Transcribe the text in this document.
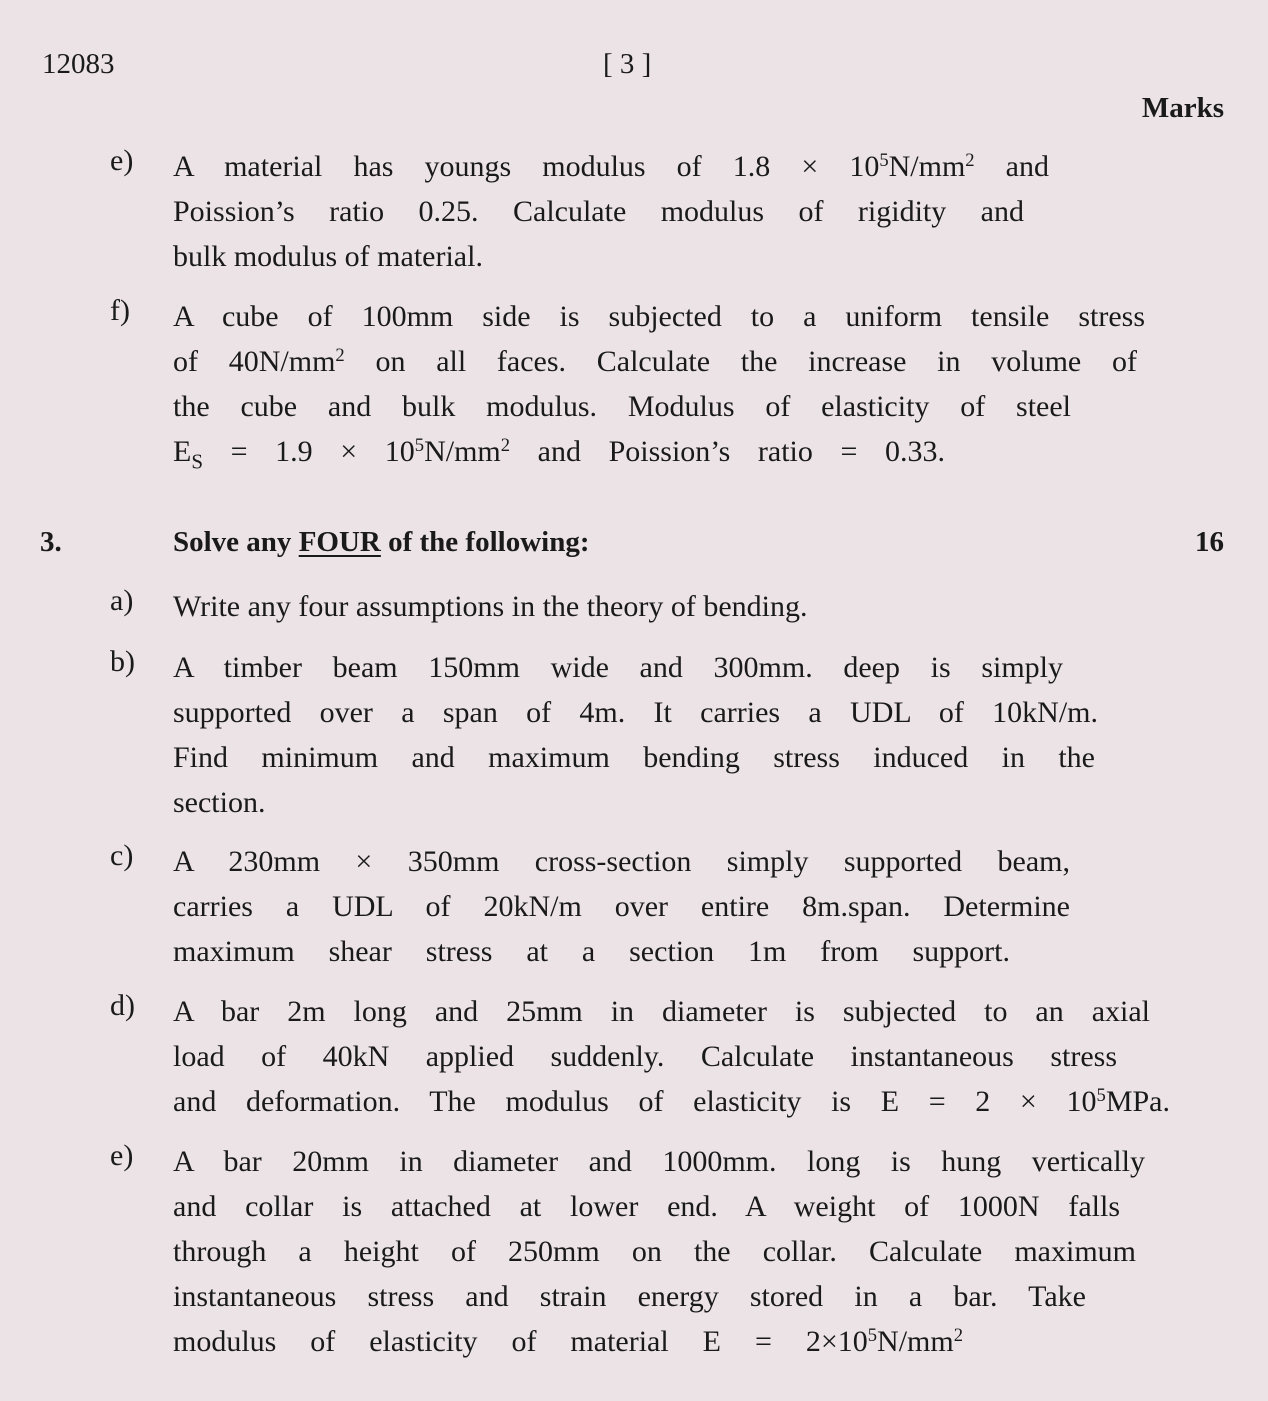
12083	[ 3 ]
Marks
e) A material has youngs modulus of $1.8 \times 10^5N/mm^2$ and
Poission’s ratio 0.25. Calculate modulus of rigidity and
bulk modulus of material.
f) A cube of 100mm side is subjected to a uniform tensile stress
of $40N/mm^2$ on all faces. Calculate the increase in volume of
the cube and bulk modulus. Modulus of elasticity of steel
$E_S = 1.9 \times 10^5N/mm^2$ and Poission’s ratio = 0.33.
3.	Solve any FOUR of the following:	16
a) Write any four assumptions in the theory of bending.
b) A timber beam 150mm wide and 300mm. deep is simply
supported over a span of 4m. It carries a UDL of 10kN/m.
Find minimum and maximum bending stress induced in the
section.
c) A 230mm × 350mm cross-section simply supported beam,
carries a UDL of 20kN/m over entire 8m.span. Determine
maximum shear stress at a section 1m from support.
d) A bar 2m long and 25mm in diameter is subjected to an axial
load of 40kN applied suddenly. Calculate instantaneous stress
and deformation. The modulus of elasticity is $E = 2 \times 10^5MPa$.
e) A bar 20mm in diameter and 1000mm. long is hung vertically
and collar is attached at lower end. A weight of 1000N falls
through a height of 250mm on the collar. Calculate maximum
instantaneous stress and strain energy stored in a bar. Take
modulus of elasticity of material $E = 2\times 10^5N/mm^2$
